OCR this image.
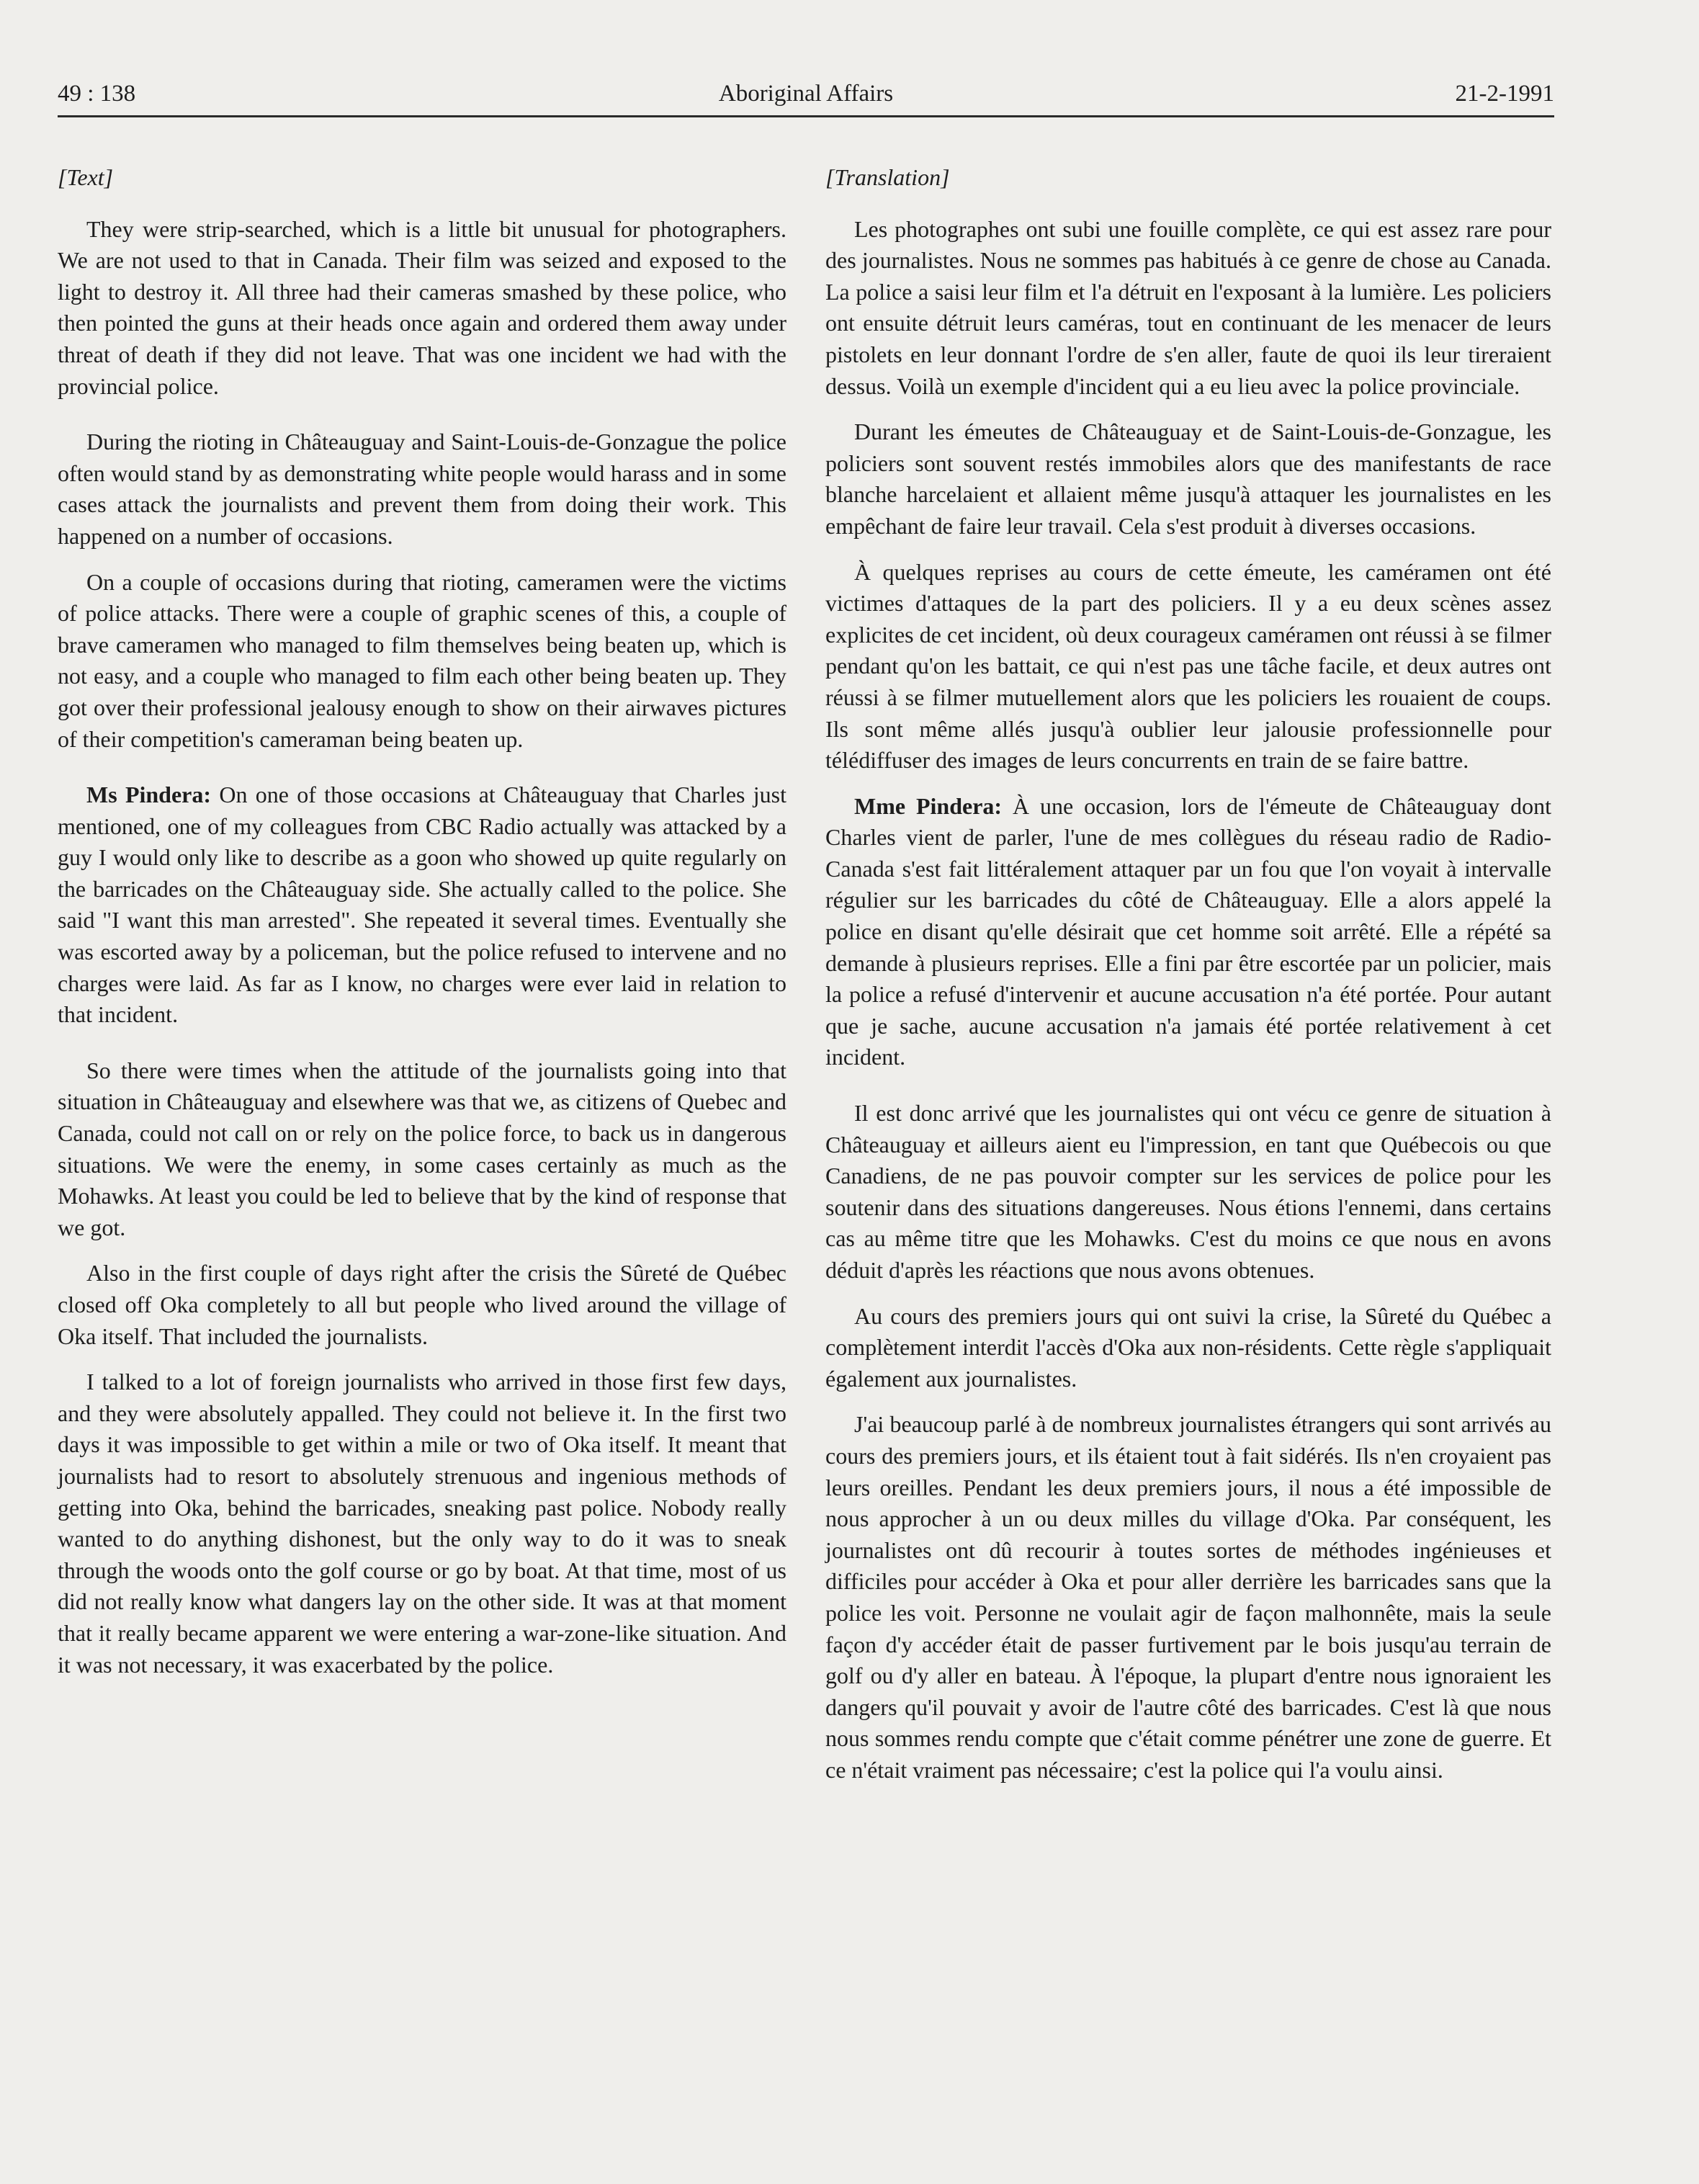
49 : 138	Aboriginal Affairs	21-2-1991
[Text]

They were strip-searched, which is a little bit unusual for photographers. We are not used to that in Canada. Their film was seized and exposed to the light to destroy it. All three had their cameras smashed by these police, who then pointed the guns at their heads once again and ordered them away under threat of death if they did not leave. That was one incident we had with the provincial police.

During the rioting in Châteauguay and Saint-Louis-de-Gonzague the police often would stand by as demonstrating white people would harass and in some cases attack the journalists and prevent them from doing their work. This happened on a number of occasions.

On a couple of occasions during that rioting, cameramen were the victims of police attacks. There were a couple of graphic scenes of this, a couple of brave cameramen who managed to film themselves being beaten up, which is not easy, and a couple who managed to film each other being beaten up. They got over their professional jealousy enough to show on their airwaves pictures of their competition's cameraman being beaten up.

Ms Pindera: On one of those occasions at Châteauguay that Charles just mentioned, one of my colleagues from CBC Radio actually was attacked by a guy I would only like to describe as a goon who showed up quite regularly on the barricades on the Châteauguay side. She actually called to the police. She said "I want this man arrested". She repeated it several times. Eventually she was escorted away by a policeman, but the police refused to intervene and no charges were laid. As far as I know, no charges were ever laid in relation to that incident.

So there were times when the attitude of the journalists going into that situation in Châteauguay and elsewhere was that we, as citizens of Quebec and Canada, could not call on or rely on the police force, to back us in dangerous situations. We were the enemy, in some cases certainly as much as the Mohawks. At least you could be led to believe that by the kind of response that we got.

Also in the first couple of days right after the crisis the Sûreté de Québec closed off Oka completely to all but people who lived around the village of Oka itself. That included the journalists.

I talked to a lot of foreign journalists who arrived in those first few days, and they were absolutely appalled. They could not believe it. In the first two days it was impossible to get within a mile or two of Oka itself. It meant that journalists had to resort to absolutely strenuous and ingenious methods of getting into Oka, behind the barricades, sneaking past police. Nobody really wanted to do anything dishonest, but the only way to do it was to sneak through the woods onto the golf course or go by boat. At that time, most of us did not really know what dangers lay on the other side. It was at that moment that it really became apparent we were entering a war-zone-like situation. And it was not necessary, it was exacerbated by the police.

[Translation]

Les photographes ont subi une fouille complète, ce qui est assez rare pour des journalistes. Nous ne sommes pas habitués à ce genre de chose au Canada. La police a saisi leur film et l'a détruit en l'exposant à la lumière. Les policiers ont ensuite détruit leurs caméras, tout en continuant de les menacer de leurs pistolets en leur donnant l'ordre de s'en aller, faute de quoi ils leur tireraient dessus. Voilà un exemple d'incident qui a eu lieu avec la police provinciale.

Durant les émeutes de Châteauguay et de Saint-Louis-de-Gonzague, les policiers sont souvent restés immobiles alors que des manifestants de race blanche harcelaient et allaient même jusqu'à attaquer les journalistes en les empêchant de faire leur travail. Cela s'est produit à diverses occasions.

À quelques reprises au cours de cette émeute, les caméramen ont été victimes d'attaques de la part des policiers. Il y a eu deux scènes assez explicites de cet incident, où deux courageux caméramen ont réussi à se filmer pendant qu'on les battait, ce qui n'est pas une tâche facile, et deux autres ont réussi à se filmer mutuellement alors que les policiers les rouaient de coups. Ils sont même allés jusqu'à oublier leur jalousie professionnelle pour télédiffuser des images de leurs concurrents en train de se faire battre.

Mme Pindera: À une occasion, lors de l'émeute de Châteauguay dont Charles vient de parler, l'une de mes collègues du réseau radio de Radio-Canada s'est fait littéralement attaquer par un fou que l'on voyait à intervalle régulier sur les barricades du côté de Châteauguay. Elle a alors appelé la police en disant qu'elle désirait que cet homme soit arrêté. Elle a répété sa demande à plusieurs reprises. Elle a fini par être escortée par un policier, mais la police a refusé d'intervenir et aucune accusation n'a été portée. Pour autant que je sache, aucune accusation n'a jamais été portée relativement à cet incident.

Il est donc arrivé que les journalistes qui ont vécu ce genre de situation à Châteauguay et ailleurs aient eu l'impression, en tant que Québecois ou que Canadiens, de ne pas pouvoir compter sur les services de police pour les soutenir dans des situations dangereuses. Nous étions l'ennemi, dans certains cas au même titre que les Mohawks. C'est du moins ce que nous en avons déduit d'après les réactions que nous avons obtenues.

Au cours des premiers jours qui ont suivi la crise, la Sûreté du Québec a complètement interdit l'accès d'Oka aux non-résidents. Cette règle s'appliquait également aux journalistes.

J'ai beaucoup parlé à de nombreux journalistes étrangers qui sont arrivés au cours des premiers jours, et ils étaient tout à fait sidérés. Ils n'en croyaient pas leurs oreilles. Pendant les deux premiers jours, il nous a été impossible de nous approcher à un ou deux milles du village d'Oka. Par conséquent, les journalistes ont dû recourir à toutes sortes de méthodes ingénieuses et difficiles pour accéder à Oka et pour aller derrière les barricades sans que la police les voit. Personne ne voulait agir de façon malhonnête, mais la seule façon d'y accéder était de passer furtivement par le bois jusqu'au terrain de golf ou d'y aller en bateau. À l'époque, la plupart d'entre nous ignoraient les dangers qu'il pouvait y avoir de l'autre côté des barricades. C'est là que nous nous sommes rendu compte que c'était comme pénétrer une zone de guerre. Et ce n'était vraiment pas nécessaire; c'est la police qui l'a voulu ainsi.
